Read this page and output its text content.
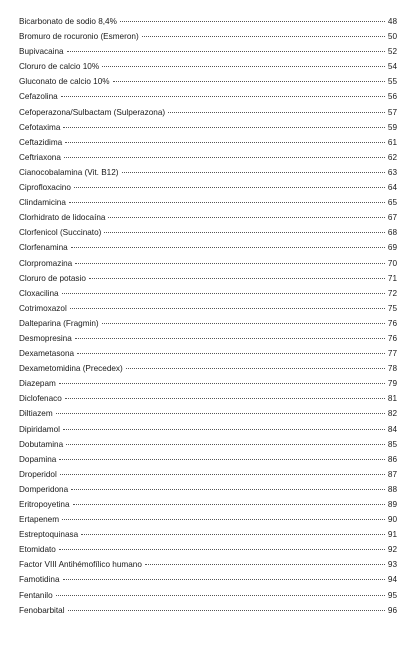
Bicarbonato de sodio 8,4%	48
Bromuro de rocuronio (Esmeron)	50
Bupivacaina	52
Cloruro de calcio 10%	54
Gluconato de calcio 10%	55
Cefazolina	56
Cefoperazona/Sulbactam (Sulperazona)	57
Cefotaxima	59
Ceftazidima	61
Ceftriaxona	62
Cianocobalamina (Vit. B12)	63
Ciprofloxacino	64
Clindamicina	65
Clorhidrato de lidocaína	67
Clorfenicol (Succinato)	68
Clorfenamina	69
Clorpromazina	70
Cloruro de potasio	71
Cloxacilina	72
Cotrimoxazol	75
Dalteparina (Fragmin)	76
Desmopresina	76
Dexametasona	77
Dexametomidina (Precedex)	78
Diazepam	79
Diclofenaco	81
Diltiazem	82
Dipiridamol	84
Dobutamina	85
Dopamina	86
Droperidol	87
Domperidona	88
Eritropoyetina	89
Ertapenem	90
Estreptoquinasa	91
Etomidato	92
Factor VIII Antihémofílico humano	93
Famotidina	94
Fentanilo	95
Fenobarbital	96
